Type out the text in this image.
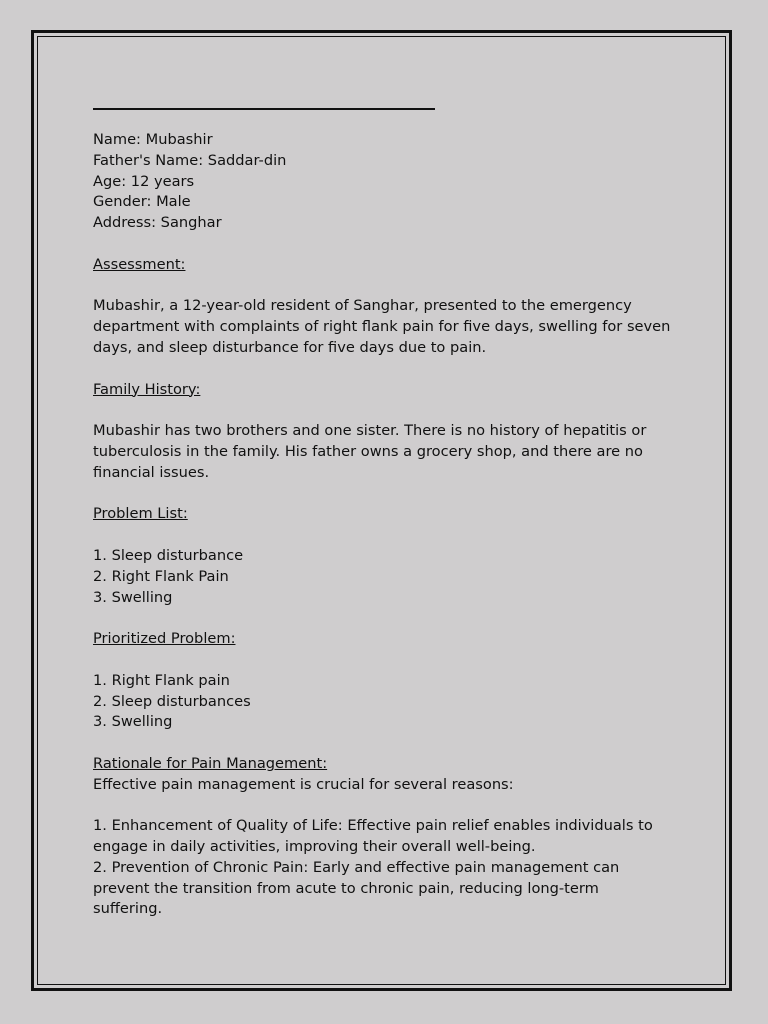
Name: Mubashir
Father's Name: Saddar-din
Age: 12 years
Gender: Male
Address: Sanghar
Assessment:
Mubashir, a 12-year-old resident of Sanghar, presented to the emergency
department with complaints of right flank pain for five days, swelling for seven
days, and sleep disturbance for five days due to pain.
Family History:
Mubashir has two brothers and one sister. There is no history of hepatitis or
tuberculosis in the family. His father owns a grocery shop, and there are no
financial issues.
Problem List:
1. Sleep disturbance
2. Right Flank Pain
3. Swelling
Prioritized Problem:
1. Right Flank pain
2. Sleep disturbances
3. Swelling
Rationale for Pain Management:
Effective pain management is crucial for several reasons:
1. Enhancement of Quality of Life: Effective pain relief enables individuals to
engage in daily activities, improving their overall well-being.
2. Prevention of Chronic Pain: Early and effective pain management can
prevent the transition from acute to chronic pain, reducing long-term
suffering.
